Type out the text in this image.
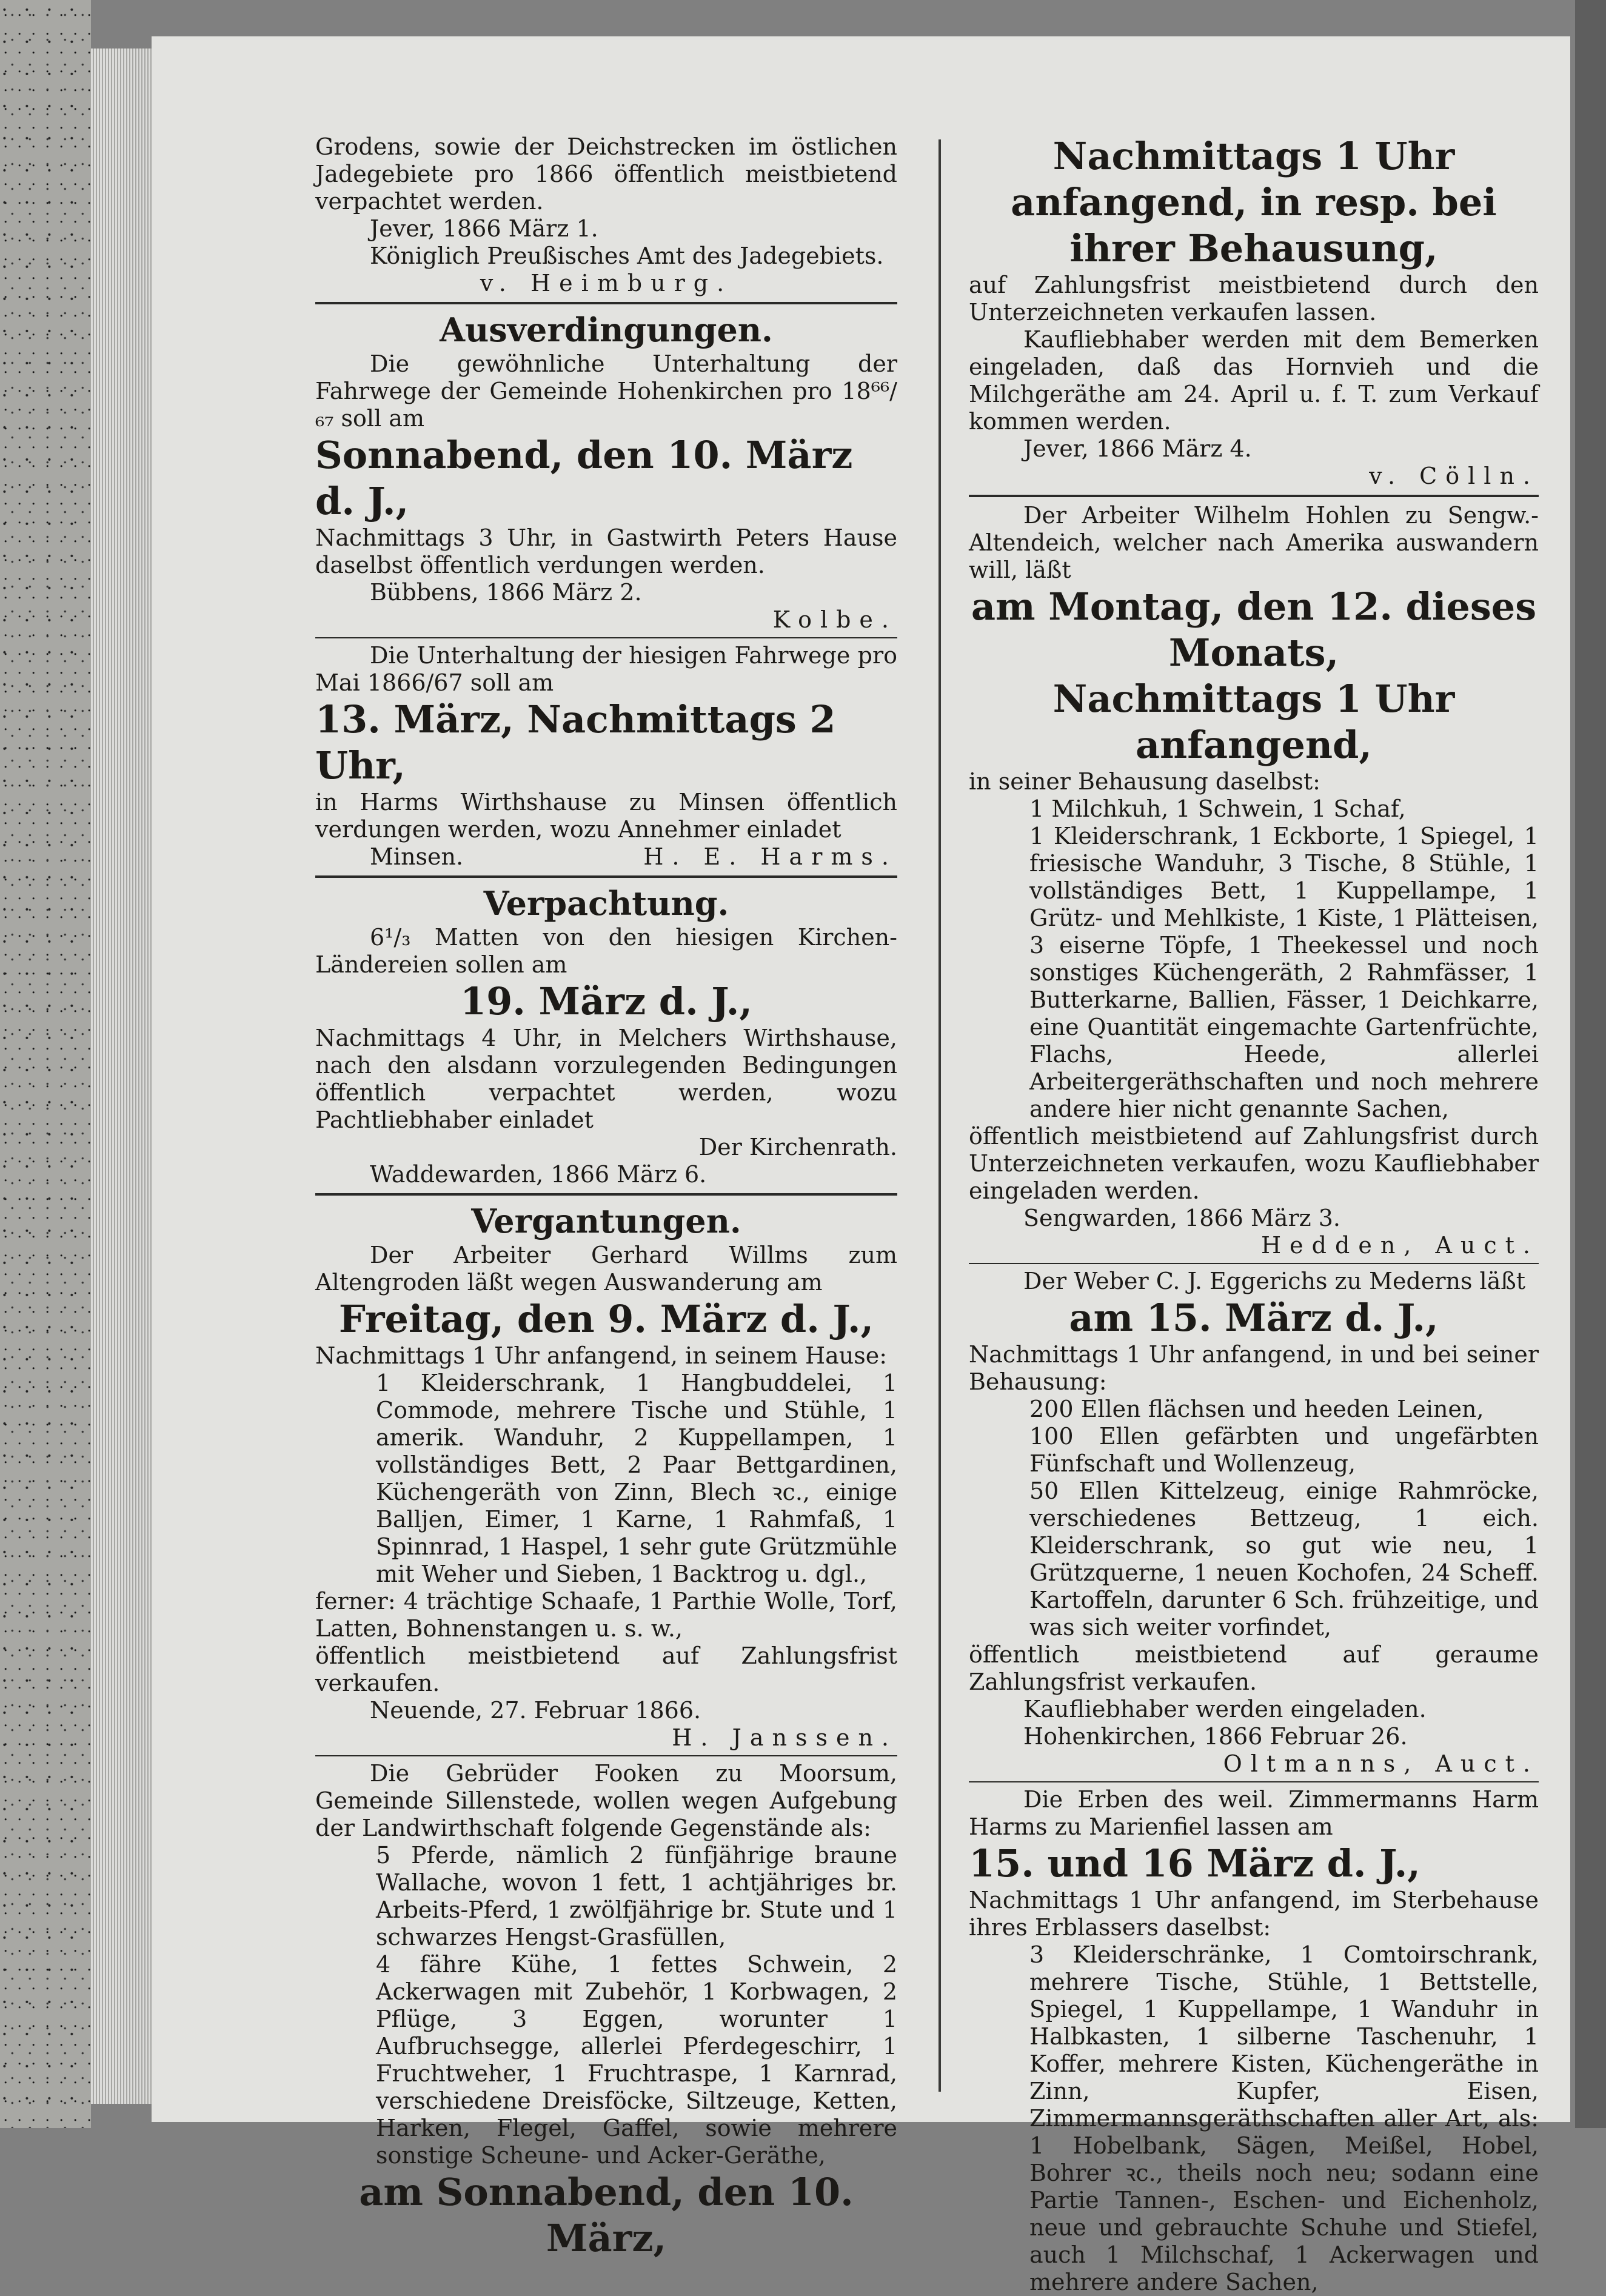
Grodens, sowie der Deichstrecken im östlichen Jadegebiete pro 1866 öffentlich meistbietend verpachtet werden.

Jever, 1866 März 1.

Königlich Preußisches Amt des Jadegebiets.

v. Heimburg.

Ausverdingungen.

Die gewöhnliche Unterhaltung der Fahrwege der Gemeinde Hohenkirchen pro 18⁶⁶/₆₇ soll am

Sonnabend, den 10. März d. J.,

Nachmittags 3 Uhr, in Gastwirth Peters Hause daselbst öffentlich verdungen werden.

Bübbens, 1866 März 2.

Kolbe.

Die Unterhaltung der hiesigen Fahrwege pro Mai 1866/67 soll am

13. März, Nachmittags 2 Uhr,

in Harms Wirthshause zu Minsen öffentlich verdungen werden, wozu Annehmer einladet

Minsen.	H. E. Harms.
Verpachtung.

6¹/₃ Matten von den hiesigen Kirchen-Ländereien sollen am

19. März d. J.,

Nachmittags 4 Uhr, in Melchers Wirthshause, nach den alsdann vorzulegenden Bedingungen öffentlich verpachtet werden, wozu Pachtliebhaber einladet

Der Kirchenrath.

Waddewarden, 1866 März 6.

Vergantungen.

Der Arbeiter Gerhard Willms zum Altengroden läßt wegen Auswanderung am

Freitag, den 9. März d. J.,

Nachmittags 1 Uhr anfangend, in seinem Hause:

1 Kleiderschrank, 1 Hangbuddelei, 1 Commode, mehrere Tische und Stühle, 1 amerik. Wanduhr, 2 Kuppellampen, 1 vollständiges Bett, 2 Paar Bettgardinen, Küchengeräth von Zinn, Blech ꝛc., einige Balljen, Eimer, 1 Karne, 1 Rahmfaß, 1 Spinnrad, 1 Haspel, 1 sehr gute Grützmühle mit Weher und Sieben, 1 Backtrog u. dgl.,

ferner: 4 trächtige Schaafe, 1 Parthie Wolle, Torf, Latten, Bohnenstangen u. s. w.,

öffentlich meistbietend auf Zahlungsfrist verkaufen.

Neuende, 27. Februar 1866.

H. Janssen.

Die Gebrüder Fooken zu Moorsum, Gemeinde Sillenstede, wollen wegen Aufgebung der Landwirthschaft folgende Gegenstände als:

5 Pferde, nämlich 2 fünfjährige braune Wallache, wovon 1 fett, 1 achtjähriges br. Arbeits-Pferd, 1 zwölfjährige br. Stute und 1 schwarzes Hengst-Grasfüllen,

4 fähre Kühe, 1 fettes Schwein, 2 Ackerwagen mit Zubehör, 1 Korbwagen, 2 Pflüge, 3 Eggen, worunter 1 Aufbruchsegge, allerlei Pferdegeschirr, 1 Fruchtweher, 1 Fruchtraspe, 1 Karnrad, verschiedene Dreisföcke, Siltzeuge, Ketten, Harken, Flegel, Gaffel, sowie mehrere sonstige Scheune- und Acker-Geräthe,

am Sonnabend, den 10. März,
Nachmittags 1 Uhr anfangend, in resp. bei ihrer Behausung,

auf Zahlungsfrist meistbietend durch den Unterzeichneten verkaufen lassen.

Kaufliebhaber werden mit dem Bemerken eingeladen, daß das Hornvieh und die Milchgeräthe am 24. April u. f. T. zum Verkauf kommen werden.

Jever, 1866 März 4.

v. Cölln.

Der Arbeiter Wilhelm Hohlen zu Sengw.-Altendeich, welcher nach Amerika auswandern will, läßt

am Montag, den 12. dieses Monats,
Nachmittags 1 Uhr anfangend,

in seiner Behausung daselbst:

1 Milchkuh, 1 Schwein, 1 Schaf,

1 Kleiderschrank, 1 Eckborte, 1 Spiegel, 1 friesische Wanduhr, 3 Tische, 8 Stühle, 1 vollständiges Bett, 1 Kuppellampe, 1 Grütz- und Mehlkiste, 1 Kiste, 1 Plätteisen, 3 eiserne Töpfe, 1 Theekessel und noch sonstiges Küchengeräth, 2 Rahmfässer, 1 Butterkarne, Ballien, Fässer, 1 Deichkarre, eine Quantität eingemachte Gartenfrüchte, Flachs, Heede, allerlei Arbeitergeräthschaften und noch mehrere andere hier nicht genannte Sachen,

öffentlich meistbietend auf Zahlungsfrist durch Unterzeichneten verkaufen, wozu Kaufliebhaber eingeladen werden.

Sengwarden, 1866 März 3.

Hedden, Auct.

Der Weber C. J. Eggerichs zu Mederns läßt

am 15. März d. J.,

Nachmittags 1 Uhr anfangend, in und bei seiner Behausung:

200 Ellen flächsen und heeden Leinen,

100 Ellen gefärbten und ungefärbten Fünfschaft und Wollenzeug,

50 Ellen Kittelzeug, einige Rahmröcke, verschiedenes Bettzeug, 1 eich. Kleiderschrank, so gut wie neu, 1 Grützquerne, 1 neuen Kochofen, 24 Scheff. Kartoffeln, darunter 6 Sch. frühzeitige, und was sich weiter vorfindet,

öffentlich meistbietend auf geraume Zahlungsfrist verkaufen.

Kaufliebhaber werden eingeladen.

Hohenkirchen, 1866 Februar 26.

Oltmanns, Auct.

Die Erben des weil. Zimmermanns Harm Harms zu Marienfiel lassen am

15. und 16 März d. J.,

Nachmittags 1 Uhr anfangend, im Sterbehause ihres Erblassers daselbst:

3 Kleiderschränke, 1 Comtoirschrank, mehrere Tische, Stühle, 1 Bettstelle, Spiegel, 1 Kuppellampe, 1 Wanduhr in Halbkasten, 1 silberne Taschenuhr, 1 Koffer, mehrere Kisten, Küchengeräthe in Zinn, Kupfer, Eisen, Zimmermannsgeräthschaften aller Art, als: 1 Hobelbank, Sägen, Meißel, Hobel, Bohrer ꝛc., theils noch neu; sodann eine Partie Tannen-, Eschen- und Eichenholz, neue und gebrauchte Schuhe und Stiefel, auch 1 Milchschaf, 1 Ackerwagen und mehrere andere Sachen,
